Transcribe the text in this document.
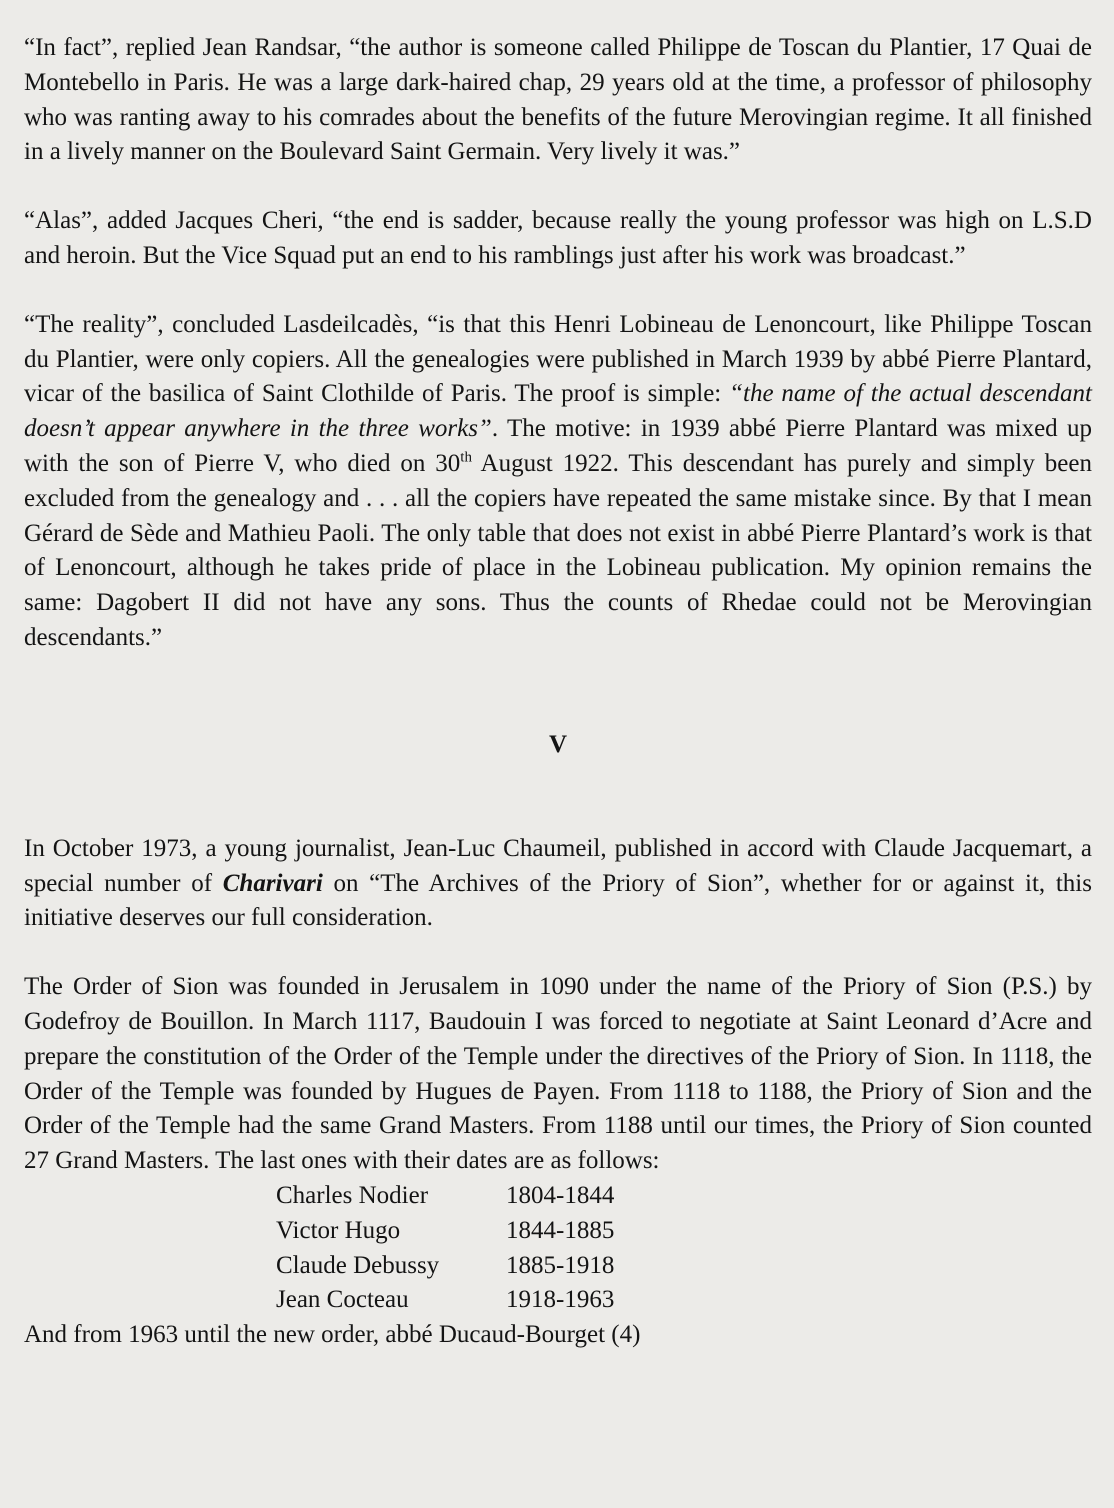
“In fact”, replied Jean Randsar, “the author is someone called Philippe de Toscan du Plantier, 17 Quai de Montebello in Paris. He was a large dark-haired chap, 29 years old at the time, a professor of philosophy who was ranting away to his comrades about the benefits of the future Merovingian regime. It all finished in a lively manner on the Boulevard Saint Germain. Very lively it was.”

“Alas”, added Jacques Cheri, “the end is sadder, because really the young professor was high on L.S.D and heroin. But the Vice Squad put an end to his ramblings just after his work was broadcast.”

“The reality”, concluded Lasdeilcadès, “is that this Henri Lobineau de Lenoncourt, like Philippe Toscan du Plantier, were only copiers. All the genealogies were published in March 1939 by abbé Pierre Plantard, vicar of the basilica of Saint Clothilde of Paris. The proof is simple: “the name of the actual descendant doesn’t appear anywhere in the three works”. The motive: in 1939 abbé Pierre Plantard was mixed up with the son of Pierre V, who died on 30th August 1922. This descendant has purely and simply been excluded from the genealogy and . . . all the copiers have repeated the same mistake since. By that I mean Gérard de Sède and Mathieu Paoli. The only table that does not exist in abbé Pierre Plantard’s work is that of Lenoncourt, although he takes pride of place in the Lobineau publication. My opinion remains the same: Dagobert II did not have any sons. Thus the counts of Rhedae could not be Merovingian descendants.”

V

In October 1973, a young journalist, Jean-Luc Chaumeil, published in accord with Claude Jacquemart, a special number of Charivari on “The Archives of the Priory of Sion”, whether for or against it, this initiative deserves our full consideration.

The Order of Sion was founded in Jerusalem in 1090 under the name of the Priory of Sion (P.S.) by Godefroy de Bouillon. In March 1117, Baudouin I was forced to negotiate at Saint Leonard d’Acre and prepare the constitution of the Order of the Temple under the directives of the Priory of Sion. In 1118, the Order of the Temple was founded by Hugues de Payen. From 1118 to 1188, the Priory of Sion and the Order of the Temple had the same Grand Masters. From 1188 until our times, the Priory of Sion counted 27 Grand Masters. The last ones with their dates are as follows:

Charles Nodier	1804-1844
Victor Hugo	1844-1885
Claude Debussy	1885-1918
Jean Cocteau	1918-1963

And from 1963 until the new order, abbé Ducaud-Bourget (4)
